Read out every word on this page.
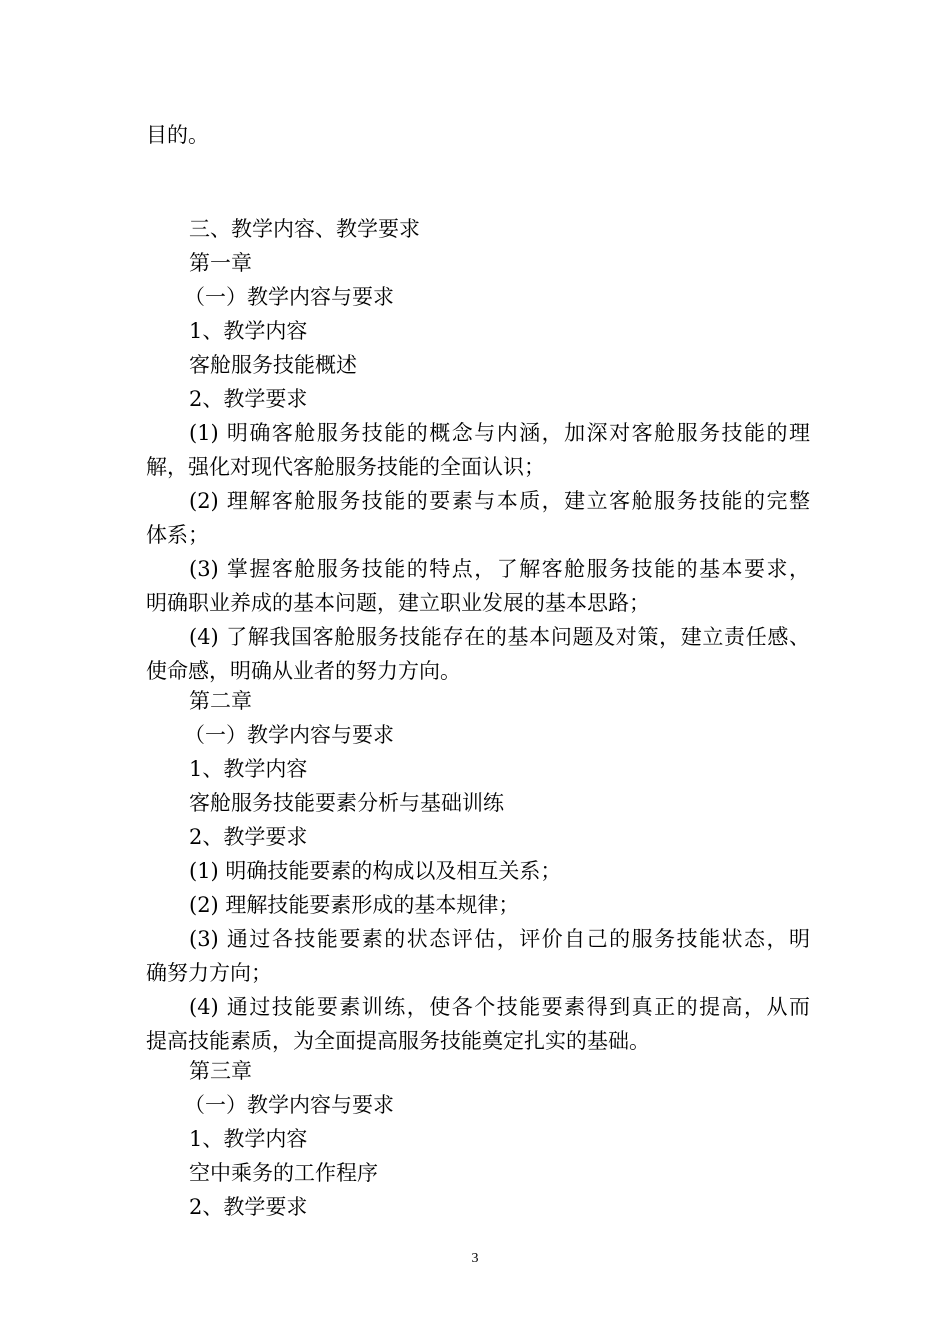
目的。
三、教学内容、教学要求
第一章
（一）教学内容与要求
1、教学内容
客舱服务技能概述
2、教学要求
(1) 明确客舱服务技能的概念与内涵，加深对客舱服务技能的理
解，强化对现代客舱服务技能的全面认识；
(2) 理解客舱服务技能的要素与本质，建立客舱服务技能的完整
体系；
(3) 掌握客舱服务技能的特点，了解客舱服务技能的基本要求，
明确职业养成的基本问题，建立职业发展的基本思路；
(4) 了解我国客舱服务技能存在的基本问题及对策，建立责任感、
使命感，明确从业者的努力方向。
第二章
（一）教学内容与要求
1、教学内容
客舱服务技能要素分析与基础训练
2、教学要求
(1) 明确技能要素的构成以及相互关系；
(2) 理解技能要素形成的基本规律；
(3) 通过各技能要素的状态评估，评价自己的服务技能状态，明
确努力方向；
(4) 通过技能要素训练，使各个技能要素得到真正的提高，从而
提高技能素质，为全面提高服务技能奠定扎实的基础。
第三章
（一）教学内容与要求
1、教学内容
空中乘务的工作程序
2、教学要求
3
